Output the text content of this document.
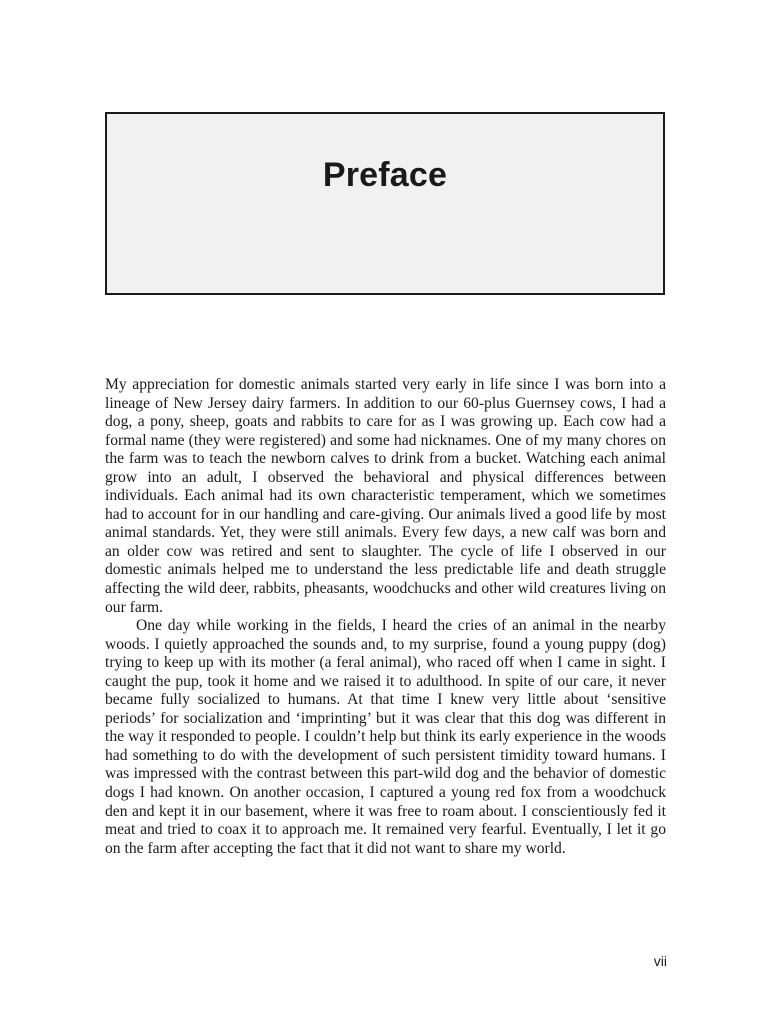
Preface

My appreciation for domestic animals started very early in life since I was born into a lineage of New Jersey dairy farmers. In addition to our 60-plus Guernsey cows, I had a dog, a pony, sheep, goats and rabbits to care for as I was growing up. Each cow had a formal name (they were registered) and some had nicknames. One of my many chores on the farm was to teach the newborn calves to drink from a bucket. Watching each animal grow into an adult, I observed the behavioral and physical differences between individuals. Each animal had its own characteristic temperament, which we sometimes had to account for in our handling and care-giving. Our animals lived a good life by most animal standards. Yet, they were still animals. Every few days, a new calf was born and an older cow was retired and sent to slaughter. The cycle of life I observed in our domestic animals helped me to understand the less predictable life and death struggle affecting the wild deer, rabbits, pheasants, woodchucks and other wild creatures living on our farm.

One day while working in the fields, I heard the cries of an animal in the nearby woods. I quietly approached the sounds and, to my surprise, found a young puppy (dog) trying to keep up with its mother (a feral animal), who raced off when I came in sight. I caught the pup, took it home and we raised it to adulthood. In spite of our care, it never became fully socialized to humans. At that time I knew very little about ‘sensitive periods’ for socialization and ‘imprinting’ but it was clear that this dog was different in the way it responded to people. I couldn’t help but think its early experience in the woods had something to do with the development of such persistent timidity toward humans. I was impressed with the contrast between this part-wild dog and the behavior of domestic dogs I had known. On another occasion, I captured a young red fox from a woodchuck den and kept it in our basement, where it was free to roam about. I conscientiously fed it meat and tried to coax it to approach me. It remained very fearful. Eventually, I let it go on the farm after accepting the fact that it did not want to share my world.

vii
